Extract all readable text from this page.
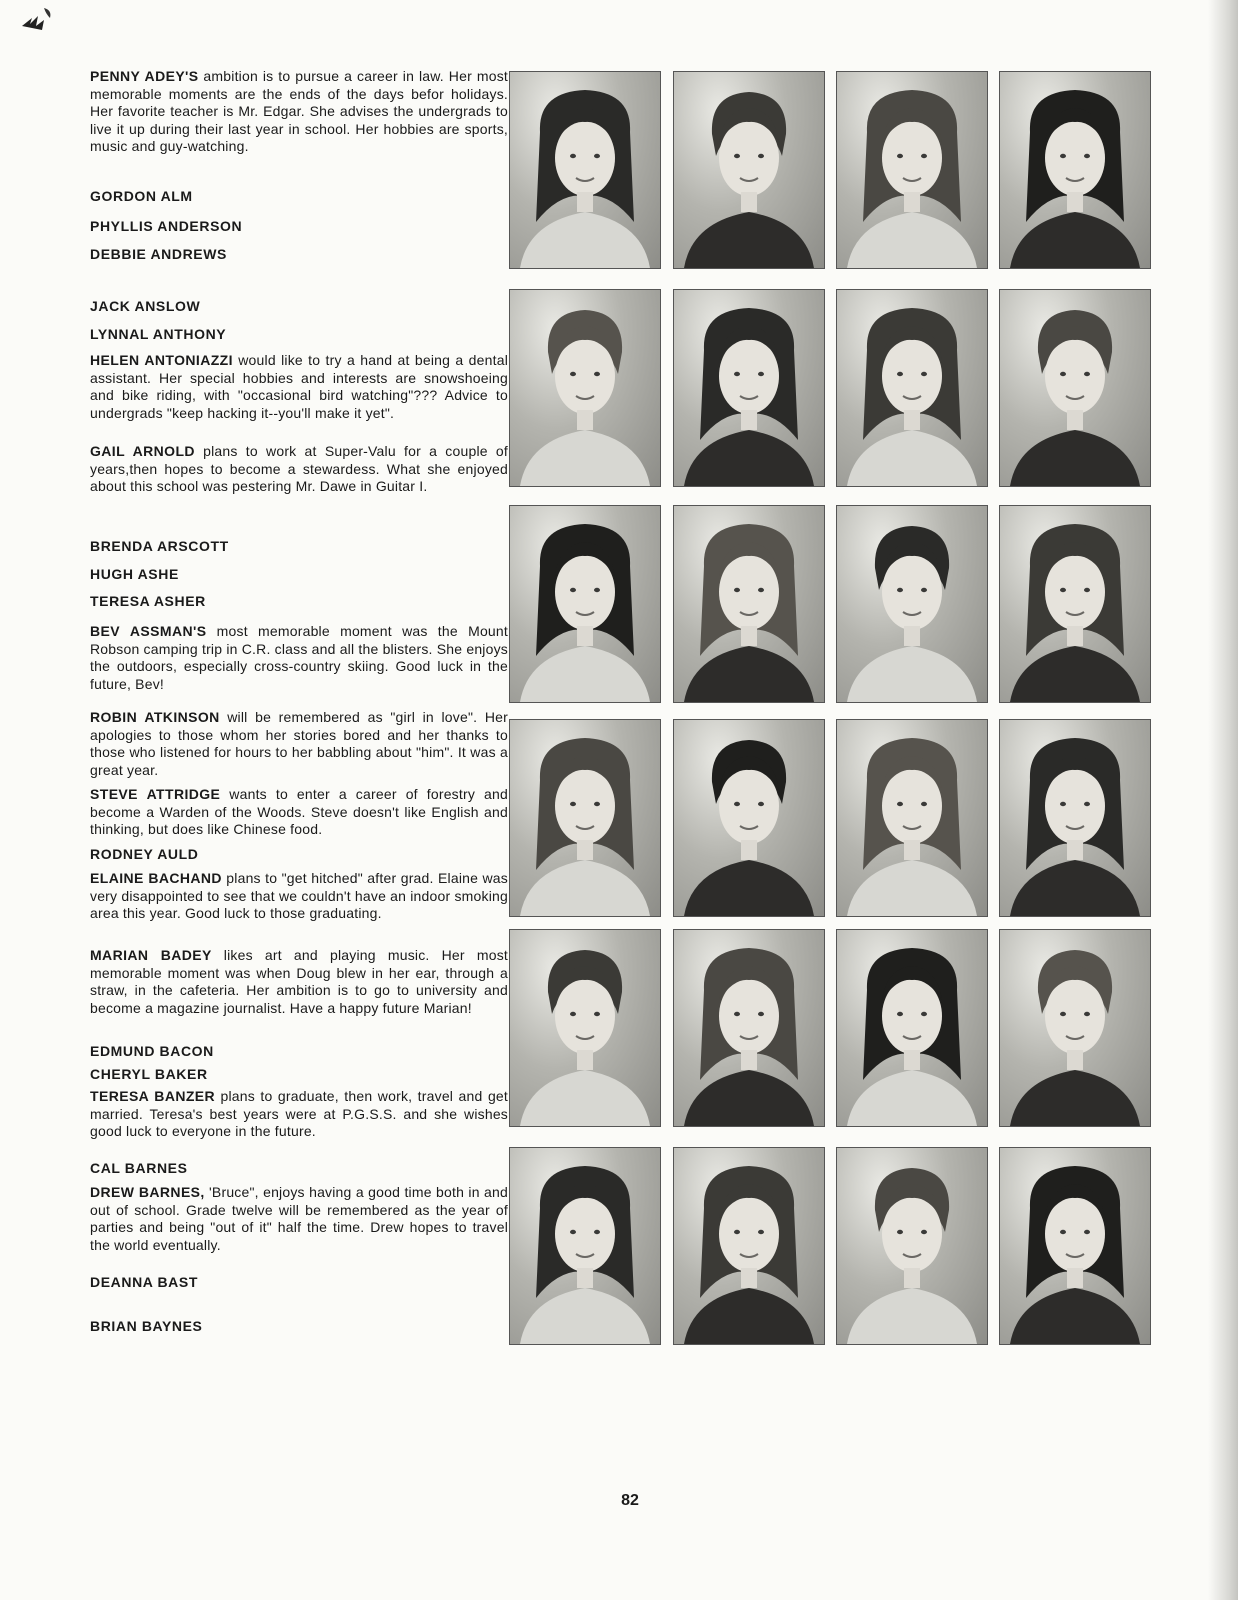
PENNY ADEY'S ambition is to pursue a career in law. Her most memorable moments are the ends of the days befor holidays. Her favorite teacher is Mr. Edgar. She advises the undergrads to live it up during their last year in school. Her hobbies are sports, music and guy-watching.
GORDON ALM
PHYLLIS ANDERSON
DEBBIE ANDREWS
JACK ANSLOW
LYNNAL ANTHONY
HELEN ANTONIAZZI would like to try a hand at being a dental assistant. Her special hobbies and interests are snowshoeing and bike riding, with "occasional bird watching"??? Advice to undergrads "keep hacking it--you'll make it yet".
GAIL ARNOLD plans to work at Super-Valu for a couple of years,then hopes to become a stewardess. What she enjoyed about this school was pestering Mr. Dawe in Guitar I.
BRENDA ARSCOTT
HUGH ASHE
TERESA ASHER
BEV ASSMAN'S most memorable moment was the Mount Robson camping trip in C.R. class and all the blisters. She enjoys the outdoors, especially cross-country skiing. Good luck in the future, Bev!
ROBIN ATKINSON will be remembered as "girl in love". Her apologies to those whom her stories bored and her thanks to those who listened for hours to her babbling about "him". It was a great year.
STEVE ATTRIDGE wants to enter a career of forestry and become a Warden of the Woods. Steve doesn't like English and thinking, but does like Chinese food.
RODNEY AULD
ELAINE BACHAND plans to "get hitched" after grad. Elaine was very disappointed to see that we couldn't have an indoor smoking area this year. Good luck to those graduating.
MARIAN BADEY likes art and playing music. Her most memorable moment was when Doug blew in her ear, through a straw, in the cafeteria. Her ambition is to go to university and become a magazine journalist. Have a happy future Marian!
EDMUND BACON
CHERYL BAKER
TERESA BANZER plans to graduate, then work, travel and get married. Teresa's best years were at P.G.S.S. and she wishes good luck to everyone in the future.
CAL BARNES
DREW BARNES, 'Bruce", enjoys having a good time both in and out of school. Grade twelve will be remembered as the year of parties and being "out of it" half the time. Drew hopes to travel the world eventually.
DEANNA BAST
BRIAN BAYNES
82
